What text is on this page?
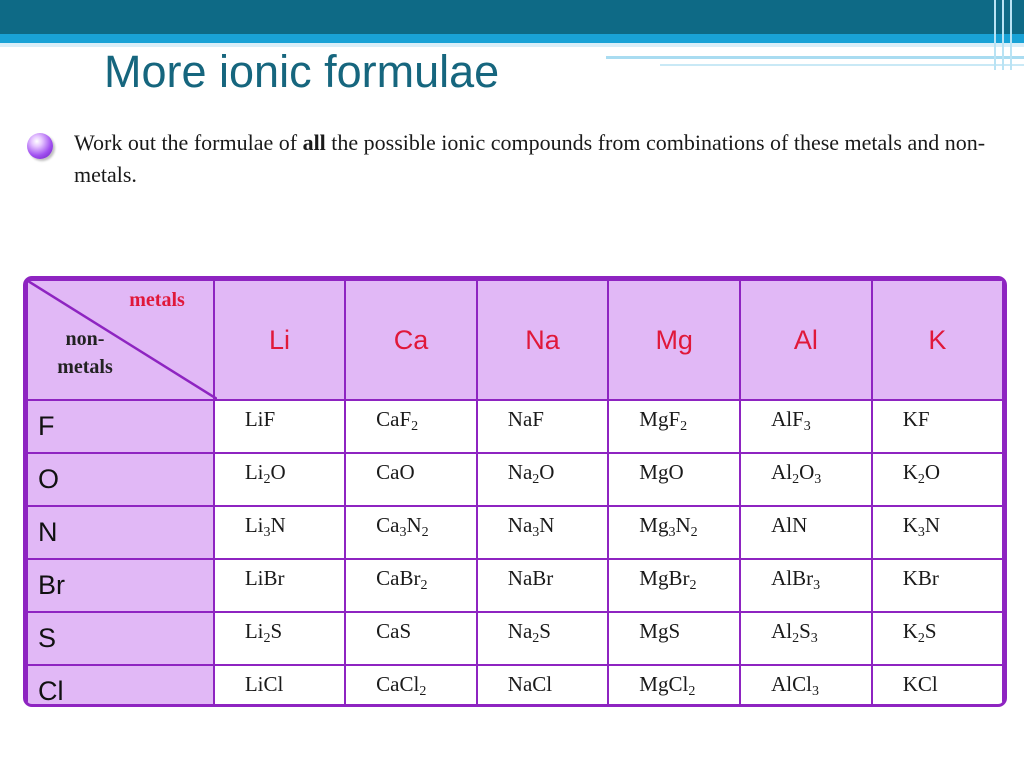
More ionic formulae
Work out the formulae of all the possible ionic compounds from combinations of these metals and non-metals.
metals
non-
metals	Li	Ca	Na	Mg	Al	K
F	LiF	CaF$_2$	NaF	MgF$_2$	AlF$_3$	KF
O	$Li_2O$	CaO	$Na_2O$	MgO	$Al_2O_3$	$K_2O$
N	$Li_3N$	$Ca_3N_2$	$Na_3N$	$Mg_3N_2$	AlN	$K_3N$
Br	LiBr	CaBr$_2$	NaBr	MgBr$_2$	AlBr$_3$	KBr
S	$Li_2S$	CaS	$Na_2S$	MgS	$Al_2S_3$	$K_2S$
Cl	LiCl	CaCl$_2$	NaCl	MgCl$_2$	AlCl$_3$	KCl
